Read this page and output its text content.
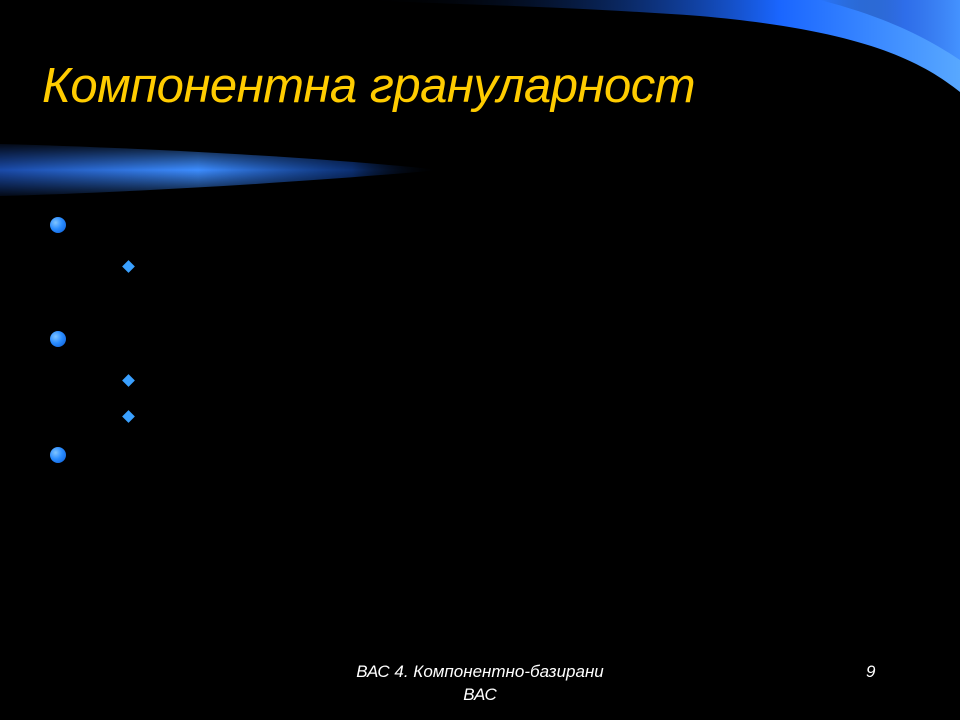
Компонентна грануларност
едра грануларност
некомпактни приложения, съдържащи
неизползваеми области код
фина грануларност
оптимизиране на изпълнимия код по ресурси
по-практичен подход при ВАС
отношение към разширяването, награждането на
системата и подмяна на компонентите в бъдеще
ВАС 4. Компонентно-базирани
ВАС
9
